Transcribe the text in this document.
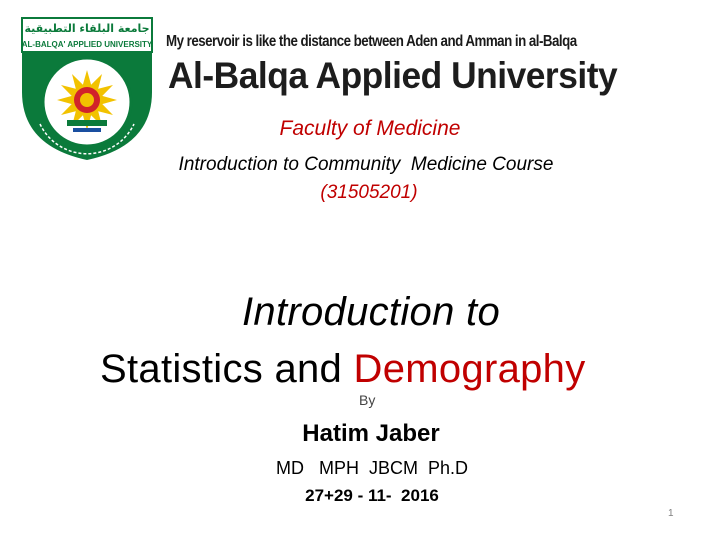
جامعة البلقاء التطبيقية
AL-BALQA' APPLIED UNIVERSITY My reservoir is like the distance between Aden and Amman in al-Balqa
Al-Balqa Applied University
Faculty of Medicine
Introduction to Community  Medicine Course
(31505201)
Introduction to
Statistics and Demography
By
Hatim Jaber
MD   MPH  JBCM  Ph.D
27+29 - 11-  2016
1
